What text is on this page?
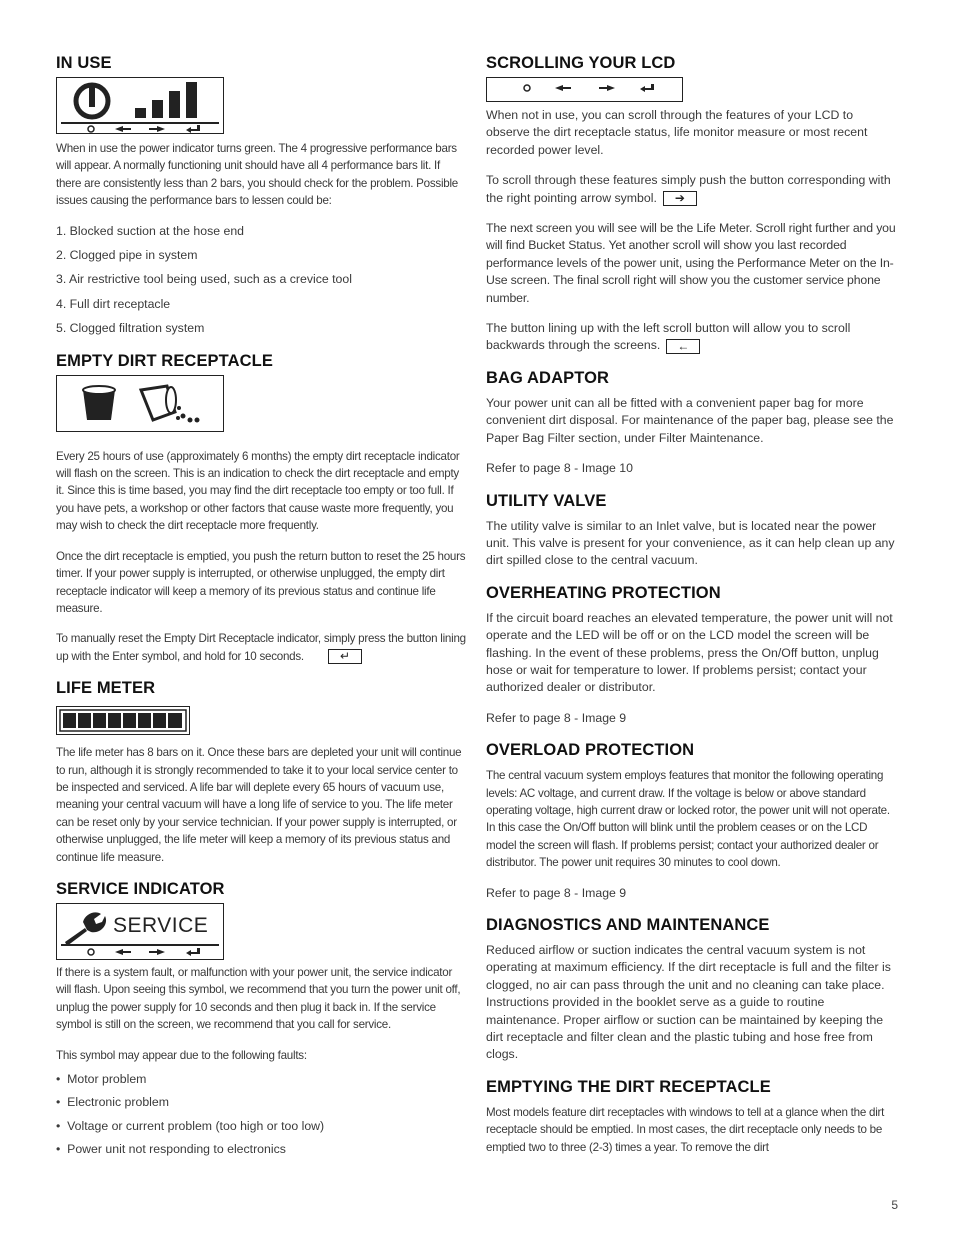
IN USE

When in use the power indicator turns green. The 4 progressive performance bars will appear. A normally functioning unit should have all 4 performance bars lit. If there are consistently less than 2 bars, you should check for the problem. Possible issues causing the performance bars to lessen could be:

1. Blocked suction at the hose end
2. Clogged pipe in system
3. Air restrictive tool being used, such as a crevice tool
4. Full dirt receptacle
5. Clogged filtration system
EMPTY DIRT RECEPTACLE

Every 25 hours of use (approximately 6 months) the empty dirt receptacle indicator will flash on the screen. This is an indication to check the dirt receptacle and empty it. Since this is time based, you may find the dirt receptacle too empty or too full. If you have pets, a workshop or other factors that cause waste more frequently, you may wish to check the dirt receptacle more frequently.

Once the dirt receptacle is emptied, you push the return button to reset the 25 hours timer. If your power supply is interrupted, or otherwise unplugged, the empty dirt receptacle indicator will keep a memory of its previous status and continue life measure.

To manually reset the Empty Dirt Receptacle indicator, simply press the button lining up with the Enter symbol, and hold for 10 seconds.	↵

LIFE METER

The life meter has 8 bars on it. Once these bars are depleted your unit will continue to run, although it is strongly recommended to take it to your local service center to be inspected and serviced. A life bar will deplete every 65 hours of vacuum use, meaning your central vacuum will have a long life of service to you. The life meter can be reset only by your service technician. If your power supply is interrupted, or otherwise unplugged, the life meter will keep a memory of its previous status and continue life measure.

SERVICE INDICATOR
SERVICE

If there is a system fault, or malfunction with your power unit, the service indicator will flash. Upon seeing this symbol, we recommend that you turn the power unit off, unplug the power supply for 10 seconds and then plug it back in. If the service symbol is still on the screen, we recommend that you call for service.

This symbol may appear due to the following faults:

•  Motor problem
•  Electronic problem
•  Voltage or current problem (too high or too low)
•  Power unit not responding to electronics
SCROLLING YOUR LCD

When not in use, you can scroll through the features of your LCD to observe the dirt receptacle status, life monitor measure or most recent recorded power level.

To scroll through these features simply push the button corresponding with the right pointing arrow symbol. ➔

The next screen you will see will be the Life Meter. Scroll right further and you will find Bucket Status. Yet another scroll will show you last recorded performance levels of the power unit, using the Performance Meter on the In-Use screen. The final scroll right will show you the customer service phone number.

The button lining up with the left scroll button will allow you to scroll backwards through the screens. ←

BAG ADAPTOR

Your power unit can all be fitted with a convenient paper bag for more convenient dirt disposal. For maintenance of the paper bag, please see the Paper Bag Filter section, under Filter Maintenance.

Refer to page 8 - Image 10

UTILITY VALVE

The utility valve is similar to an Inlet valve, but is located near the power unit. This valve is present for your convenience, as it can help clean up any dirt spilled close to the central vacuum.

OVERHEATING PROTECTION

If the circuit board reaches an elevated temperature, the power unit will not operate and the LED will be off or on the LCD model the screen will be flashing. In the event of these problems, press the On/Off button, unplug hose or wait for temperature to lower. If problems persist; contact your authorized dealer or distributor.

Refer to page 8 - Image 9

OVERLOAD PROTECTION

The central vacuum system employs features that monitor the following operating levels: AC voltage, and current draw. If the voltage is below or above standard operating voltage, high current draw or locked rotor, the power unit will not operate. In this case the On/Off button will blink until the problem ceases or on the LCD model the screen will flash. If problems persist; contact your authorized dealer or distributor. The power unit requires 30 minutes to cool down.

Refer to page 8 - Image 9

DIAGNOSTICS AND MAINTENANCE

Reduced airflow or suction indicates the central vacuum system is not operating at maximum efficiency. If the dirt receptacle is full and the filter is clogged, no air can pass through the unit and no cleaning can take place. Instructions provided in the booklet serve as a guide to routine maintenance. Proper airflow or suction can be maintained by keeping the dirt receptacle and filter clean and the plastic tubing and hose free from clogs.

EMPTYING THE DIRT RECEPTACLE

Most models feature dirt receptacles with windows to tell at a glance when the dirt receptacle should be emptied. In most cases, the dirt receptacle only needs to be emptied two to three (2-3) times a year. To remove the dirt

5
